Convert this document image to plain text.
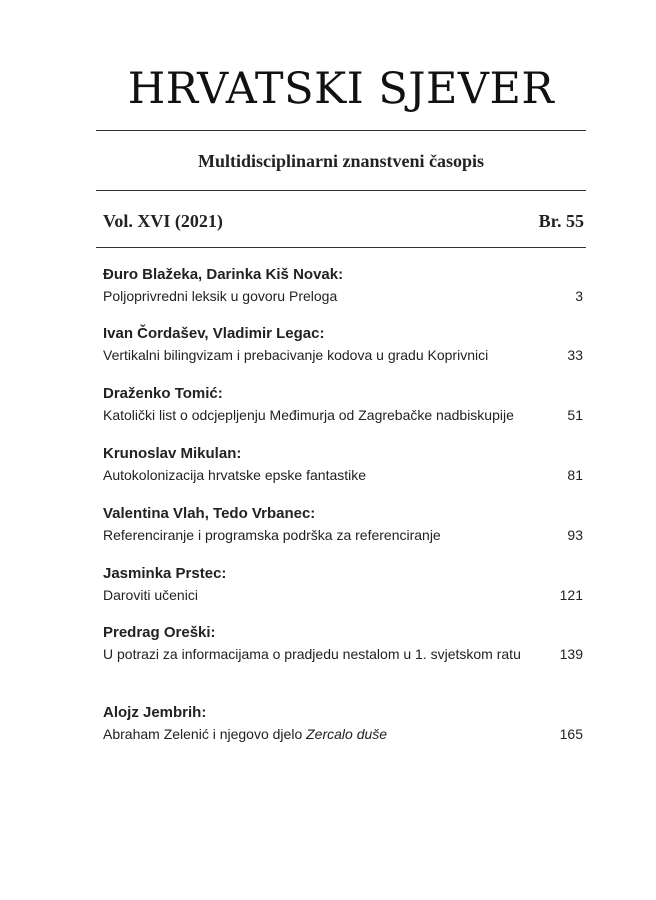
HRVATSKI SJEVER
Multidisciplinarni znanstveni časopis
Vol. XVI (2021)	Br. 55
Đuro Blažeka, Darinka Kiš Novak:
Poljoprivredni leksik u govoru Preloga	3
Ivan Čordašev, Vladimir Legac:
Vertikalni bilingvizam i prebacivanje kodova u gradu Koprivnici	33
Draženko Tomić:
Katolički list o odcjepljenju Međimurja od Zagrebačke nadbiskupije	51
Krunoslav Mikulan:
Autokolonizacija hrvatske epske fantastike	81
Valentina Vlah, Tedo Vrbanec:
Referenciranje i programska podrška za referenciranje	93
Jasminka Prstec:
Daroviti učenici	121
Predrag Oreški:
U potrazi za informacijama o pradjedu nestalom u 1. svjetskom ratu	139
Alojz Jembrih:
Abraham Zelenić i njegovo djelo Zercalo duše	165
